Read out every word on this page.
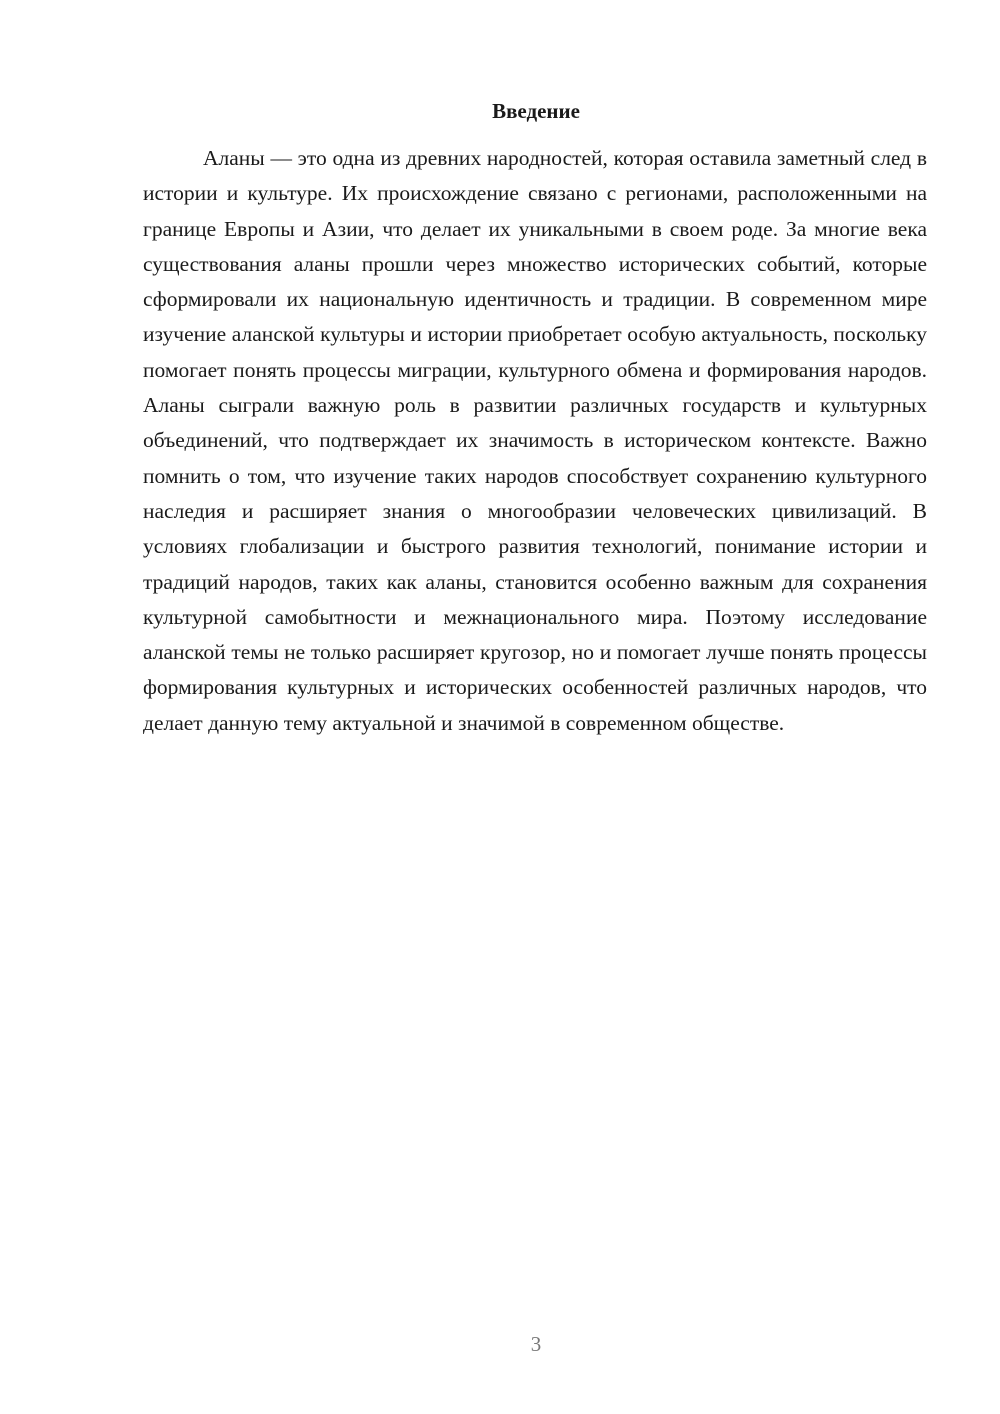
Введение

Аланы — это одна из древних народностей, которая оставила заметный след в истории и культуре. Их происхождение связано с регионами, расположенными на границе Европы и Азии, что делает их уникальными в своем роде. За многие века существования аланы прошли через множество исторических событий, которые сформировали их национальную идентичность и традиции. В современном мире изучение аланской культуры и истории приобретает особую актуальность, поскольку помогает понять процессы миграции, культурного обмена и формирования народов. Аланы сыграли важную роль в развитии различных государств и культурных объединений, что подтверждает их значимость в историческом контексте. Важно помнить о том, что изучение таких народов способствует сохранению культурного наследия и расширяет знания о многообразии человеческих цивилизаций. В условиях глобализации и быстрого развития технологий, понимание истории и традиций народов, таких как аланы, становится особенно важным для сохранения культурной самобытности и межнационального мира. Поэтому исследование аланской темы не только расширяет кругозор, но и помогает лучше понять процессы формирования культурных и исторических особенностей различных народов, что делает данную тему актуальной и значимой в современном обществе.

3
